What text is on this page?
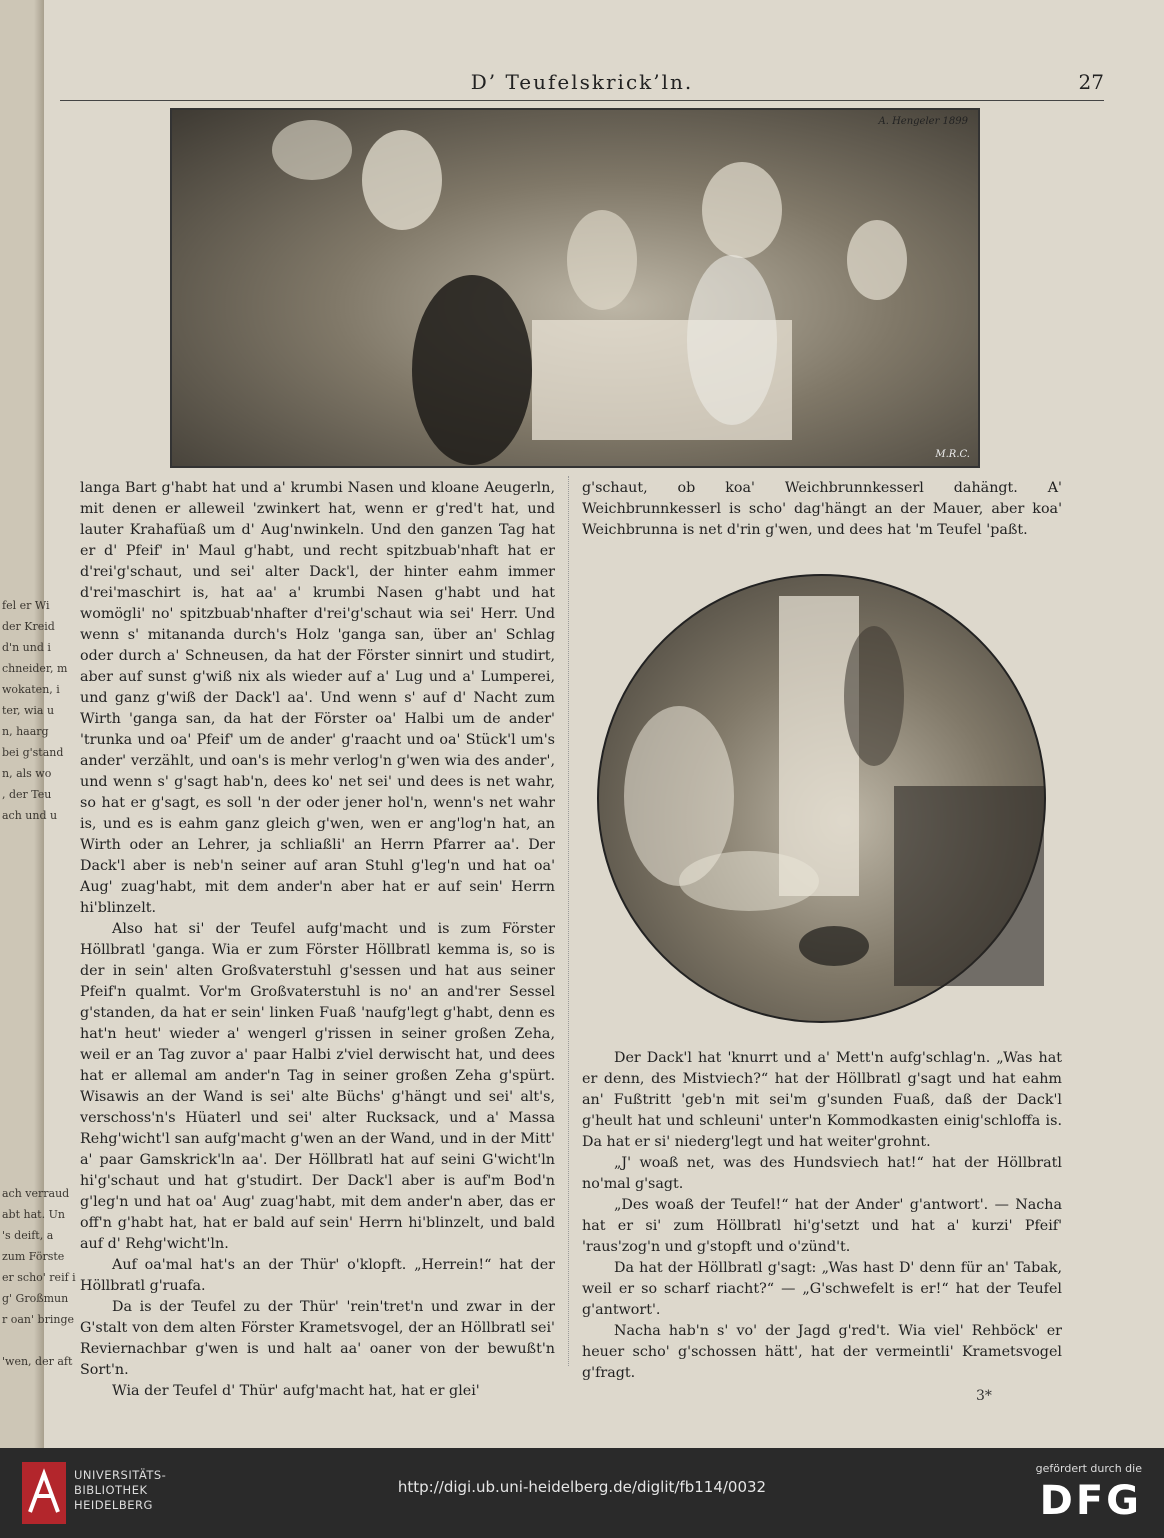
fel er Wi
der Kreid
d'n und i
chneider, m
wokaten, i
ter, wia u
n, haarg
bei g'stand
n, als wo
, der Teu
ach und u
ach verraud
abt hat. Un
's deift, a
zum Förste
er scho' reif i
g' Großmun
r oan' bringe
'wen, der aft
D’ Teufelskrick’ln.	27
A. Hengeler 1899
M.R.C.

langa Bart g'habt hat und a' krumbi Nasen und kloane Aeugerln, mit denen er alleweil 'zwinkert hat, wenn er g'red't hat, und lauter Krahafüaß um d' Aug'nwinkeln. Und den ganzen Tag hat er d' Pfeif' in' Maul g'habt, und recht spitzbuab'nhaft hat er d'rei'g'schaut, und sei' alter Dack'l, der hinter eahm immer d'rei'maschirt is, hat aa' a' krumbi Nasen g'habt und hat womögli' no' spitzbuab'nhafter d'rei'g'schaut wia sei' Herr. Und wenn s' mitananda durch's Holz 'ganga san, über an' Schlag oder durch a' Schneusen, da hat der Förster sinnirt und studirt, aber auf sunst g'wiß nix als wieder auf a' Lug und a' Lumperei, und ganz g'wiß der Dack'l aa'. Und wenn s' auf d' Nacht zum Wirth 'ganga san, da hat der Förster oa' Halbi um de ander' 'trunka und oa' Pfeif' um de ander' g'raacht und oa' Stück'l um's ander' verzählt, und oan's is mehr verlog'n g'wen wia des ander', und wenn s' g'sagt hab'n, dees ko' net sei' und dees is net wahr, so hat er g'sagt, es soll 'n der oder jener hol'n, wenn's net wahr is, und es is eahm ganz gleich g'wen, wen er ang'log'n hat, an Wirth oder an Lehrer, ja schliaßli' an Herrn Pfarrer aa'. Der Dack'l aber is neb'n seiner auf aran Stuhl g'leg'n und hat oa' Aug' zuag'habt, mit dem ander'n aber hat er auf sein' Herrn hi'blinzelt.

Also hat si' der Teufel aufg'macht und is zum Förster Höllbratl 'ganga. Wia er zum Förster Höllbratl kemma is, so is der in sein' alten Großvaterstuhl g'sessen und hat aus seiner Pfeif'n qualmt. Vor'm Großvaterstuhl is no' an and'rer Sessel g'standen, da hat er sein' linken Fuaß 'naufg'legt g'habt, denn es hat'n heut' wieder a' wengerl g'rissen in seiner großen Zeha, weil er an Tag zuvor a' paar Halbi z'viel derwischt hat, und dees hat er allemal am ander'n Tag in seiner großen Zeha g'spürt. Wisawis an der Wand is sei' alte Büchs' g'hängt und sei' alt's, verschoss'n's Hüaterl und sei' alter Rucksack, und a' Massa Rehg'wicht'l san aufg'macht g'wen an der Wand, und in der Mitt' a' paar Gamskrick'ln aa'. Der Höllbratl hat auf seini G'wicht'ln hi'g'schaut und hat g'studirt. Der Dack'l aber is auf'm Bod'n g'leg'n und hat oa' Aug' zuag'habt, mit dem ander'n aber, das er off'n g'habt hat, hat er bald auf sein' Herrn hi'blinzelt, und bald auf d' Rehg'wicht'ln.

Auf oa'mal hat's an der Thür' o'klopft. „Herrein!“ hat der Höllbratl g'ruafa.

Da is der Teufel zu der Thür' 'rein'tret'n und zwar in der G'stalt von dem alten Förster Krametsvogel, der an Höllbratl sei' Reviernachbar g'wen is und halt aa' oaner von der bewußt'n Sort'n.

Wia der Teufel d' Thür' aufg'macht hat, hat er glei'

g'schaut, ob koa' Weichbrunnkesserl dahängt. A' Weichbrunnkesserl is scho' dag'hängt an der Mauer, aber koa' Weichbrunna is net d'rin g'wen, und dees hat 'm Teufel 'paßt.

Der Dack'l hat 'knurrt und a' Mett'n aufg'schlag'n. „Was hat er denn, des Mistviech?“ hat der Höllbratl g'sagt und hat eahm an' Fußtritt 'geb'n mit sei'm g'sunden Fuaß, daß der Dack'l g'heult hat und schleuni' unter'n Kommodkasten einig'schloffa is. Da hat er si' niederg'legt und hat weiter'grohnt.

„J' woaß net, was des Hundsviech hat!“ hat der Höllbratl no'mal g'sagt.

„Des woaß der Teufel!“ hat der Ander' g'antwort'. — Nacha hat er si' zum Höllbratl hi'g'setzt und hat a' kurzi' Pfeif' 'raus'zog'n und g'stopft und o'zünd't.

Da hat der Höllbratl g'sagt: „Was hast D' denn für an' Tabak, weil er so scharf riacht?“ — „G'schwefelt is er!“ hat der Teufel g'antwort'.

Nacha hab'n s' vo' der Jagd g'red't. Wia viel' Rehböck' er heuer scho' g'schossen hätt', hat der vermeintli' Krametsvogel g'fragt.

3*
UNIVERSITÄTS-
BIBLIOTHEK
HEIDELBERG
http://digi.ub.uni-heidelberg.de/diglit/fb114/0032
gefördert durch die
DFG
